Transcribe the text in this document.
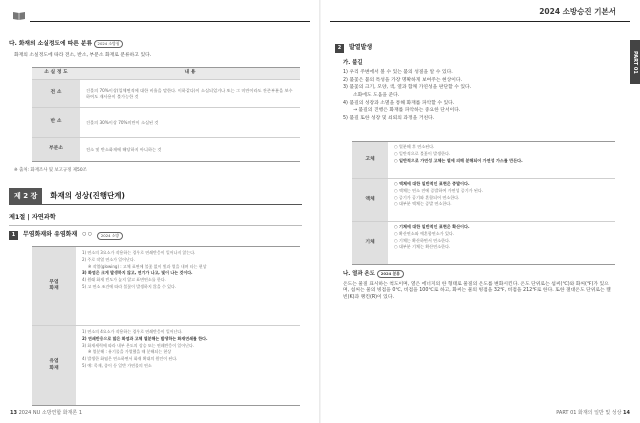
다. 화재의 소실정도에 따른 분류 2024 소방청
화재의 소실정도에 따라 전소, 반소, 부분소 화재로 분류하고 있다.
소 실 정 도	내 용
전 소	건물의 70%이상(입체면적에 대한 비율을 말한다. 이하같다)이 소실되었거나 또는 그 미만이라도 잔존부분을 보수하여도 재사용이 불가능한 것
반 소	건물의 30%이상 70%미만이 소실된 것
부분소	전소 및 반소화재에 해당하지 아니하는 것
※ 출처: 화재조사 및 보고규정 제50조
제 2 장	화재의 성상(진행단계)
제1절 | 자연과학
1	무염화재와 유염화재 ○ ○	2024 소방
무염
화재

1) 연소의 3요소가 작용하는 경우로 연쇄반응이 일어나지 않는다.

2) 주로 작열 연소가 일어난다.

※ 작열(glowing) : 고체 표면에 불꽃 없이 빛과 열을 내며 타는 현상

3) 화염은 크게 발생하지 않고, 연기가 나고, 빛이 나는 것이다.

4) 원래 화재 빈도가 높지 않고 표면연소를 한다.

5) 고 연소 조건에 따라 불꽃이 발생하지 않을 수 있다.

유염
화재

1) 연소의 4요소가 작용하는 경우로 연쇄반응이 일어난다.

2) 연쇄반응으로 많은 화염과 고체 열분해는 발생하는 화재연쇄를 한다.

3) 화재세력에 따라 내부 온도의 상승 또는 연쇄반응이 일어난다.

※ 열분해 : 유기물을 가열했을 때 분해되는 현상

4) 발생한 화염은 연소하면서 화재 확대의 원인이 된다.

5) 예: 목재, 종이 등 일반 가연물의 연소

13 2024 NU 소방연합 화재론 1
2024 소방승진 기본서
PART 01
2	발열발생
가. 불길

1) 우리 주변에서 볼 수 있는 불의 성질을 알 수 있다.

2) 불꽃은 불의 특성을 가장 명확하게 보여주는 현상이다.

3) 불꽃의 크기, 모양, 색, 열과 함께 가연성을 판단할 수 있다.

소화에도 도움을 준다.

4) 불길의 성장과 소멸을 통해 화재를 파악할 수 있다.

→ 불길의 진행은 화재를 파악하는 중요한 단서이다.

5) 불길 또한 성장 및 쇠퇴의 과정을 거친다.

고체

○ 열분해 후 연소된다.

○ 일반적으로 불꽃이 발생한다.

○ 일반적으로 가연성 고체는 열에 의해 분해되어 가연성 가스를 만든다.

액체

○ 액체에 대한 일반적인 표현은 증발이다.

○ 액체는 연소 전에 증발하여 가연성 증기가 된다.

○ 증기가 공기와 혼합되어 연소한다.

○ 대부분 액체는 증발 연소한다.

기체

○ 기체에 대한 일반적인 표현은 확산이다.

○ 확산연소와 예혼합연소가 있다.

○ 기체는 확산하면서 연소한다.

○ 대부분 기체는 확산연소한다.

나. 열과 온도 2024 분류
온도는 물질 표시하는 척도이며, 열은 에너지의 한 형태로 물질의 온도를 변화시킨다. 온도 단위로는 섭씨(℃)와 화씨(℉)가 있으며, 섭씨는 물의 빙점을 0℃, 비점을 100℃로 하고, 화씨는 물의 빙점을 32℉, 비점을 212℉로 한다. 또한 절대온도 단위로는 켈빈(K)과 랭킨(R)이 있다.
PART 01 화재의 일반 및 성상 14
